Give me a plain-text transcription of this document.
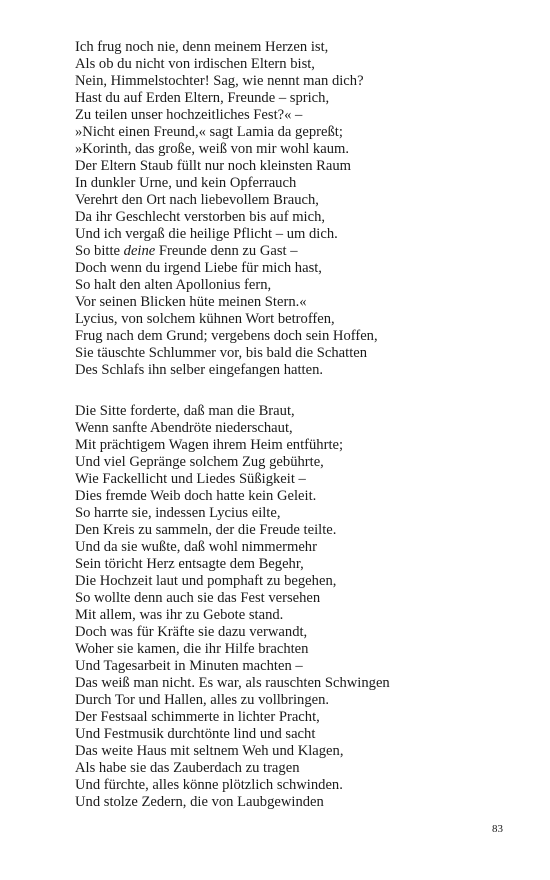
Ich frug noch nie, denn meinem Herzen ist,
Als ob du nicht von irdischen Eltern bist,
Nein, Himmelstochter! Sag, wie nennt man dich?
Hast du auf Erden Eltern, Freunde – sprich,
Zu teilen unser hochzeitliches Fest?« –
»Nicht einen Freund,« sagt Lamia da gepreßt;
»Korinth, das große, weiß von mir wohl kaum.
Der Eltern Staub füllt nur noch kleinsten Raum
In dunkler Urne, und kein Opferrauch
Verehrt den Ort nach liebevollem Brauch,
Da ihr Geschlecht verstorben bis auf mich,
Und ich vergaß die heilige Pflicht – um dich.
So bitte deine Freunde denn zu Gast –
Doch wenn du irgend Liebe für mich hast,
So halt den alten Apollonius fern,
Vor seinen Blicken hüte meinen Stern.«
Lycius, von solchem kühnen Wort betroffen,
Frug nach dem Grund; vergebens doch sein Hoffen,
Sie täuschte Schlummer vor, bis bald die Schatten
Des Schlafs ihn selber eingefangen hatten.
Die Sitte forderte, daß man die Braut,
Wenn sanfte Abendröte niederschaut,
Mit prächtigem Wagen ihrem Heim entführte;
Und viel Gepränge solchem Zug gebührte,
Wie Fackellicht und Liedes Süßigkeit –
Dies fremde Weib doch hatte kein Geleit.
So harrte sie, indessen Lycius eilte,
Den Kreis zu sammeln, der die Freude teilte.
Und da sie wußte, daß wohl nimmermehr
Sein töricht Herz entsagte dem Begehr,
Die Hochzeit laut und pomphaft zu begehen,
So wollte denn auch sie das Fest versehen
Mit allem, was ihr zu Gebote stand.
Doch was für Kräfte sie dazu verwandt,
Woher sie kamen, die ihr Hilfe brachten
Und Tagesarbeit in Minuten machten –
Das weiß man nicht. Es war, als rauschten Schwingen
Durch Tor und Hallen, alles zu vollbringen.
Der Festsaal schimmerte in lichter Pracht,
Und Festmusik durchtönte lind und sacht
Das weite Haus mit seltnem Weh und Klagen,
Als habe sie das Zauberdach zu tragen
Und fürchte, alles könne plötzlich schwinden.
Und stolze Zedern, die von Laubgewinden
83
